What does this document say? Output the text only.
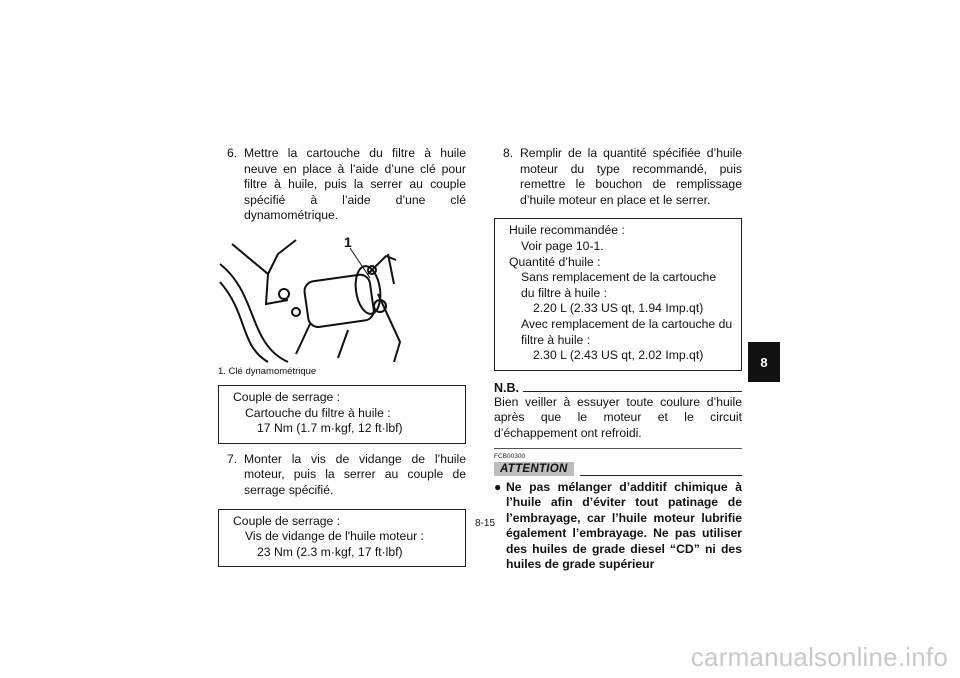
6. Mettre la cartouche du filtre à huile neuve en place à l’aide d’une clé pour filtre à huile, puis la serrer au couple spécifié à l’aide d’une clé dynamométrique.
1
1. Clé dynamométrique
Couple de serrage :
Cartouche du filtre à huile :
17 Nm (1.7 m·kgf, 12 ft·lbf)
7. Monter la vis de vidange de l’huile moteur, puis la serrer au couple de serrage spécifié.
Couple de serrage :
Vis de vidange de l'huile moteur :
23 Nm (2.3 m·kgf, 17 ft·lbf)
8. Remplir de la quantité spécifiée d’huile moteur du type recommandé, puis remettre le bouchon de remplissage d’huile moteur en place et le serrer.
Huile recommandée :
Voir page 10-1.
Quantité d’huile :
Sans remplacement de la cartouche du filtre à huile :
2.20 L (2.33 US qt, 1.94 Imp.qt)
Avec remplacement de la cartouche du filtre à huile :
2.30 L (2.43 US qt, 2.02 Imp.qt)
N.B.
Bien veiller à essuyer toute coulure d’huile après que le moteur et le circuit d’échappement ont refroidi.
FCB00300
ATTENTION
● Ne pas mélanger d’additif chimique à l’huile afin d’éviter tout patinage de l’embrayage, car l’huile moteur lubrifie également l’embrayage. Ne pas utiliser des huiles de grade diesel “CD” ni des huiles de grade supérieur
8
8-15
carmanualsonline.info
